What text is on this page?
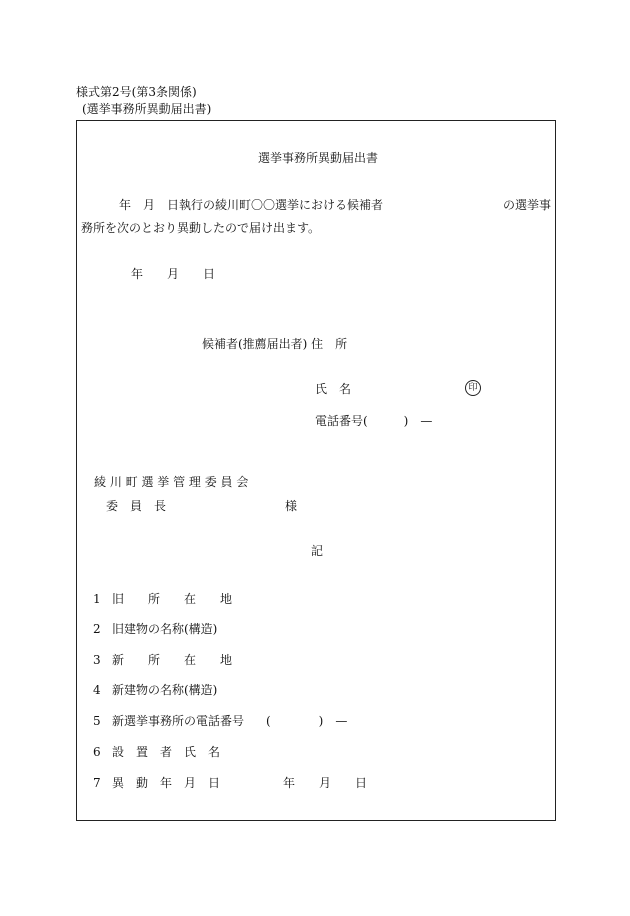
様式第2号(第3条関係)
(選挙事務所異動届出書)
選挙事務所異動届出書
年　月　日執行の綾川町〇〇選挙における候補者	の選挙事
務所を次のとおり異動したので届け出ます。
年　　月　　日
候補者(推薦届出者) 住　所
氏　名	印
電話番号(　　　)　—
綾 川 町 選 挙 管 理 委 員 会
委　員　長	様
記
1 旧　　所　　在　　地
2 旧建物の名称(構造)
3 新　　所　　在　　地
4 新建物の名称(構造)
5 新選挙事務所の電話番号 (　　　　)　—
6 設　置　者　氏　名
7 異　動　年　月　日	年　　月　　日
